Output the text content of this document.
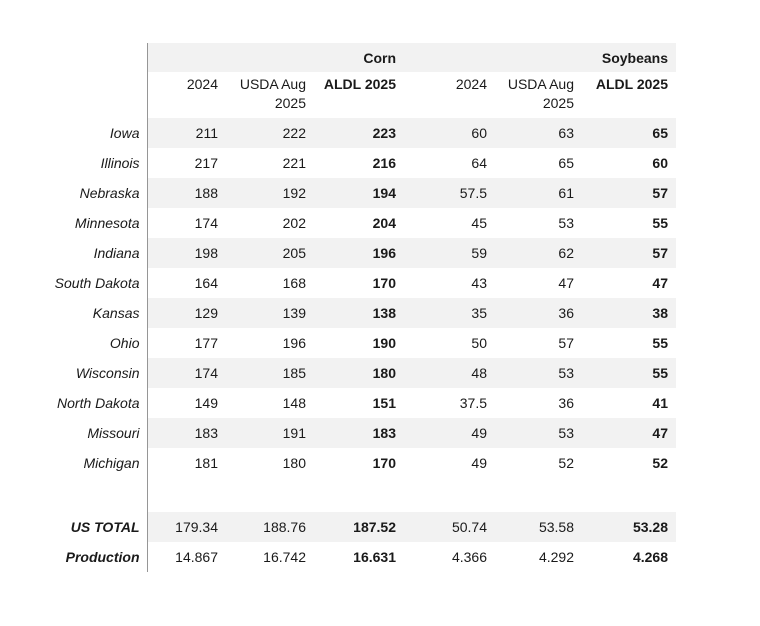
			Corn			Soybeans
	2024	USDA Aug 2025	ALDL 2025	2024	USDA Aug 2025	ALDL 2025
Iowa	211	222	223	60	63	65
Illinois	217	221	216	64	65	60
Nebraska	188	192	194	57.5	61	57
Minnesota	174	202	204	45	53	55
Indiana	198	205	196	59	62	57
South Dakota	164	168	170	43	47	47
Kansas	129	139	138	35	36	38
Ohio	177	196	190	50	57	55
Wisconsin	174	185	180	48	53	55
North Dakota	149	148	151	37.5	36	41
Missouri	183	191	183	49	53	47
Michigan	181	180	170	49	52	52

US TOTAL	179.34	188.76	187.52	50.74	53.58	53.28
Production	14.867	16.742	16.631	4.366	4.292	4.268
